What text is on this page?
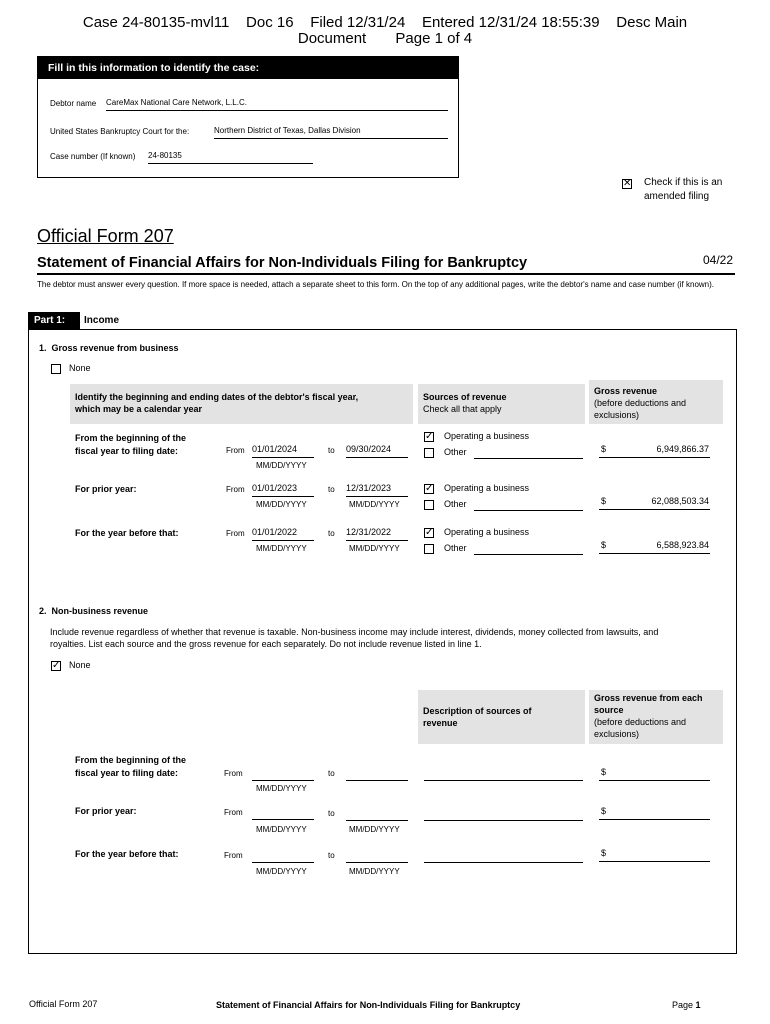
Case 24-80135-mvl11    Doc 16    Filed 12/31/24    Entered 12/31/24 18:55:39    Desc Main
Document       Page 1 of 4
Fill in this information to identify the case:
Debtor name CareMax National Care Network, L.L.C.
United States Bankruptcy Court for the:	Northern District of Texas, Dallas Division
Case number (If known) 24-80135
✕ Check if this is an
amended filing
Official Form 207
Statement of Financial Affairs for Non-Individuals Filing for Bankruptcy	04/22
The debtor must answer every question. If more space is needed, attach a separate sheet to this form. On the top of any additional pages, write the debtor's name and case number (if known).
Part 1:	Income
1.  Gross revenue from business
None
Identify the beginning and ending dates of the debtor's fiscal year, which may be a calendar year
Sources of revenue
Check all that apply
Gross revenue
(before deductions and exclusions)
From the beginning of the fiscal year to filing date:	From 01/01/2024
MM/DD/YYYY
to 09/30/2024
✓ Operating a business
Other	$	6,949,866.37
For prior year:	From 01/01/2023
MM/DD/YYYY
to 12/31/2023
MM/DD/YYYY
✓ Operating a business
Other	$	62,088,503.34
For the year before that:	From 01/01/2022
MM/DD/YYYY
to 12/31/2022
MM/DD/YYYY
✓ Operating a business
Other	$	6,588,923.84
2.  Non-business revenue
Include revenue regardless of whether that revenue is taxable. Non-business income may include interest, dividends, money collected from lawsuits, and royalties. List each source and the gross revenue for each separately. Do not include revenue listed in line 1.
✓ None
Description of sources of revenue
Gross revenue from each source
(before deductions and exclusions)
From the beginning of the fiscal year to filing date:	From
MM/DD/YYYY
to	$
For prior year:	From
MM/DD/YYYY
to
MM/DD/YYYY
$
For the year before that:	From
MM/DD/YYYY
to
MM/DD/YYYY
$
Official Form 207	Statement of Financial Affairs for Non-Individuals Filing for Bankruptcy	Page 1
